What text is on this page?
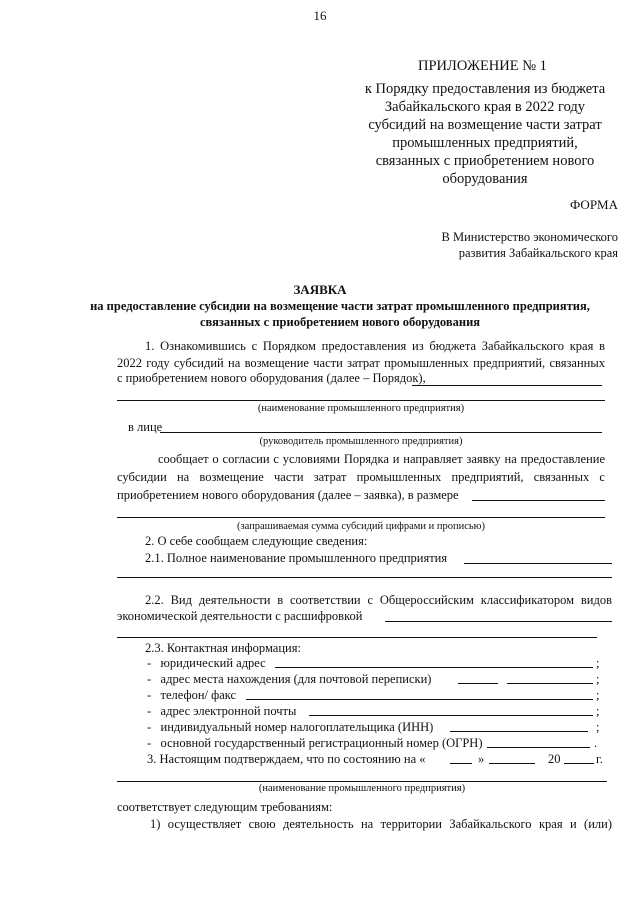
16
ПРИЛОЖЕНИЕ № 1
к Порядку предоставления из бюджета
Забайкальского края в 2022 году
субсидий на возмещение части затрат
промышленных предприятий,
связанных с приобретением нового
оборудования
ФОРМА
В Министерство экономического
развития Забайкальского края
ЗАЯВКА
на предоставление субсидии на возмещение части затрат промышленного предприятия, связанных с приобретением нового оборудования
1. Ознакомившись с Порядком предоставления из бюджета Забайкальского края в
2022 году субсидий на возмещение части затрат промышленных предприятий, связанных
с приобретением нового оборудования (далее – Порядок),
(наименование промышленного предприятия)
в лице
(руководитель промышленного предприятия)
сообщает о согласии с условиями Порядка и направляет заявку на предоставление
субсидии на возмещение части затрат промышленных предприятий, связанных с
приобретением нового оборудования (далее – заявка), в размере
(запрашиваемая сумма субсидий цифрами и прописью)
2. О себе сообщаем следующие сведения:
2.1. Полное наименование промышленного предприятия
2.2. Вид деятельности в соответствии с Общероссийским классификатором видов
экономической деятельности с расшифровкой
2.3. Контактная информация:
-   юридический адрес	;
-   адрес места нахождения (для почтовой переписки)	;
-   телефон/ факс	;
-   адрес электронной почты	;
-   индивидуальный номер налогоплательщика (ИНН)	;
-   основной государственный регистрационный номер (ОГРН)	.
3. Настоящим подтверждаем, что по состоянию на «	»	20	г.
(наименование промышленного предприятия)
соответствует следующим требованиям:
1) осуществляет свою деятельность на территории Забайкальского края и (или)
